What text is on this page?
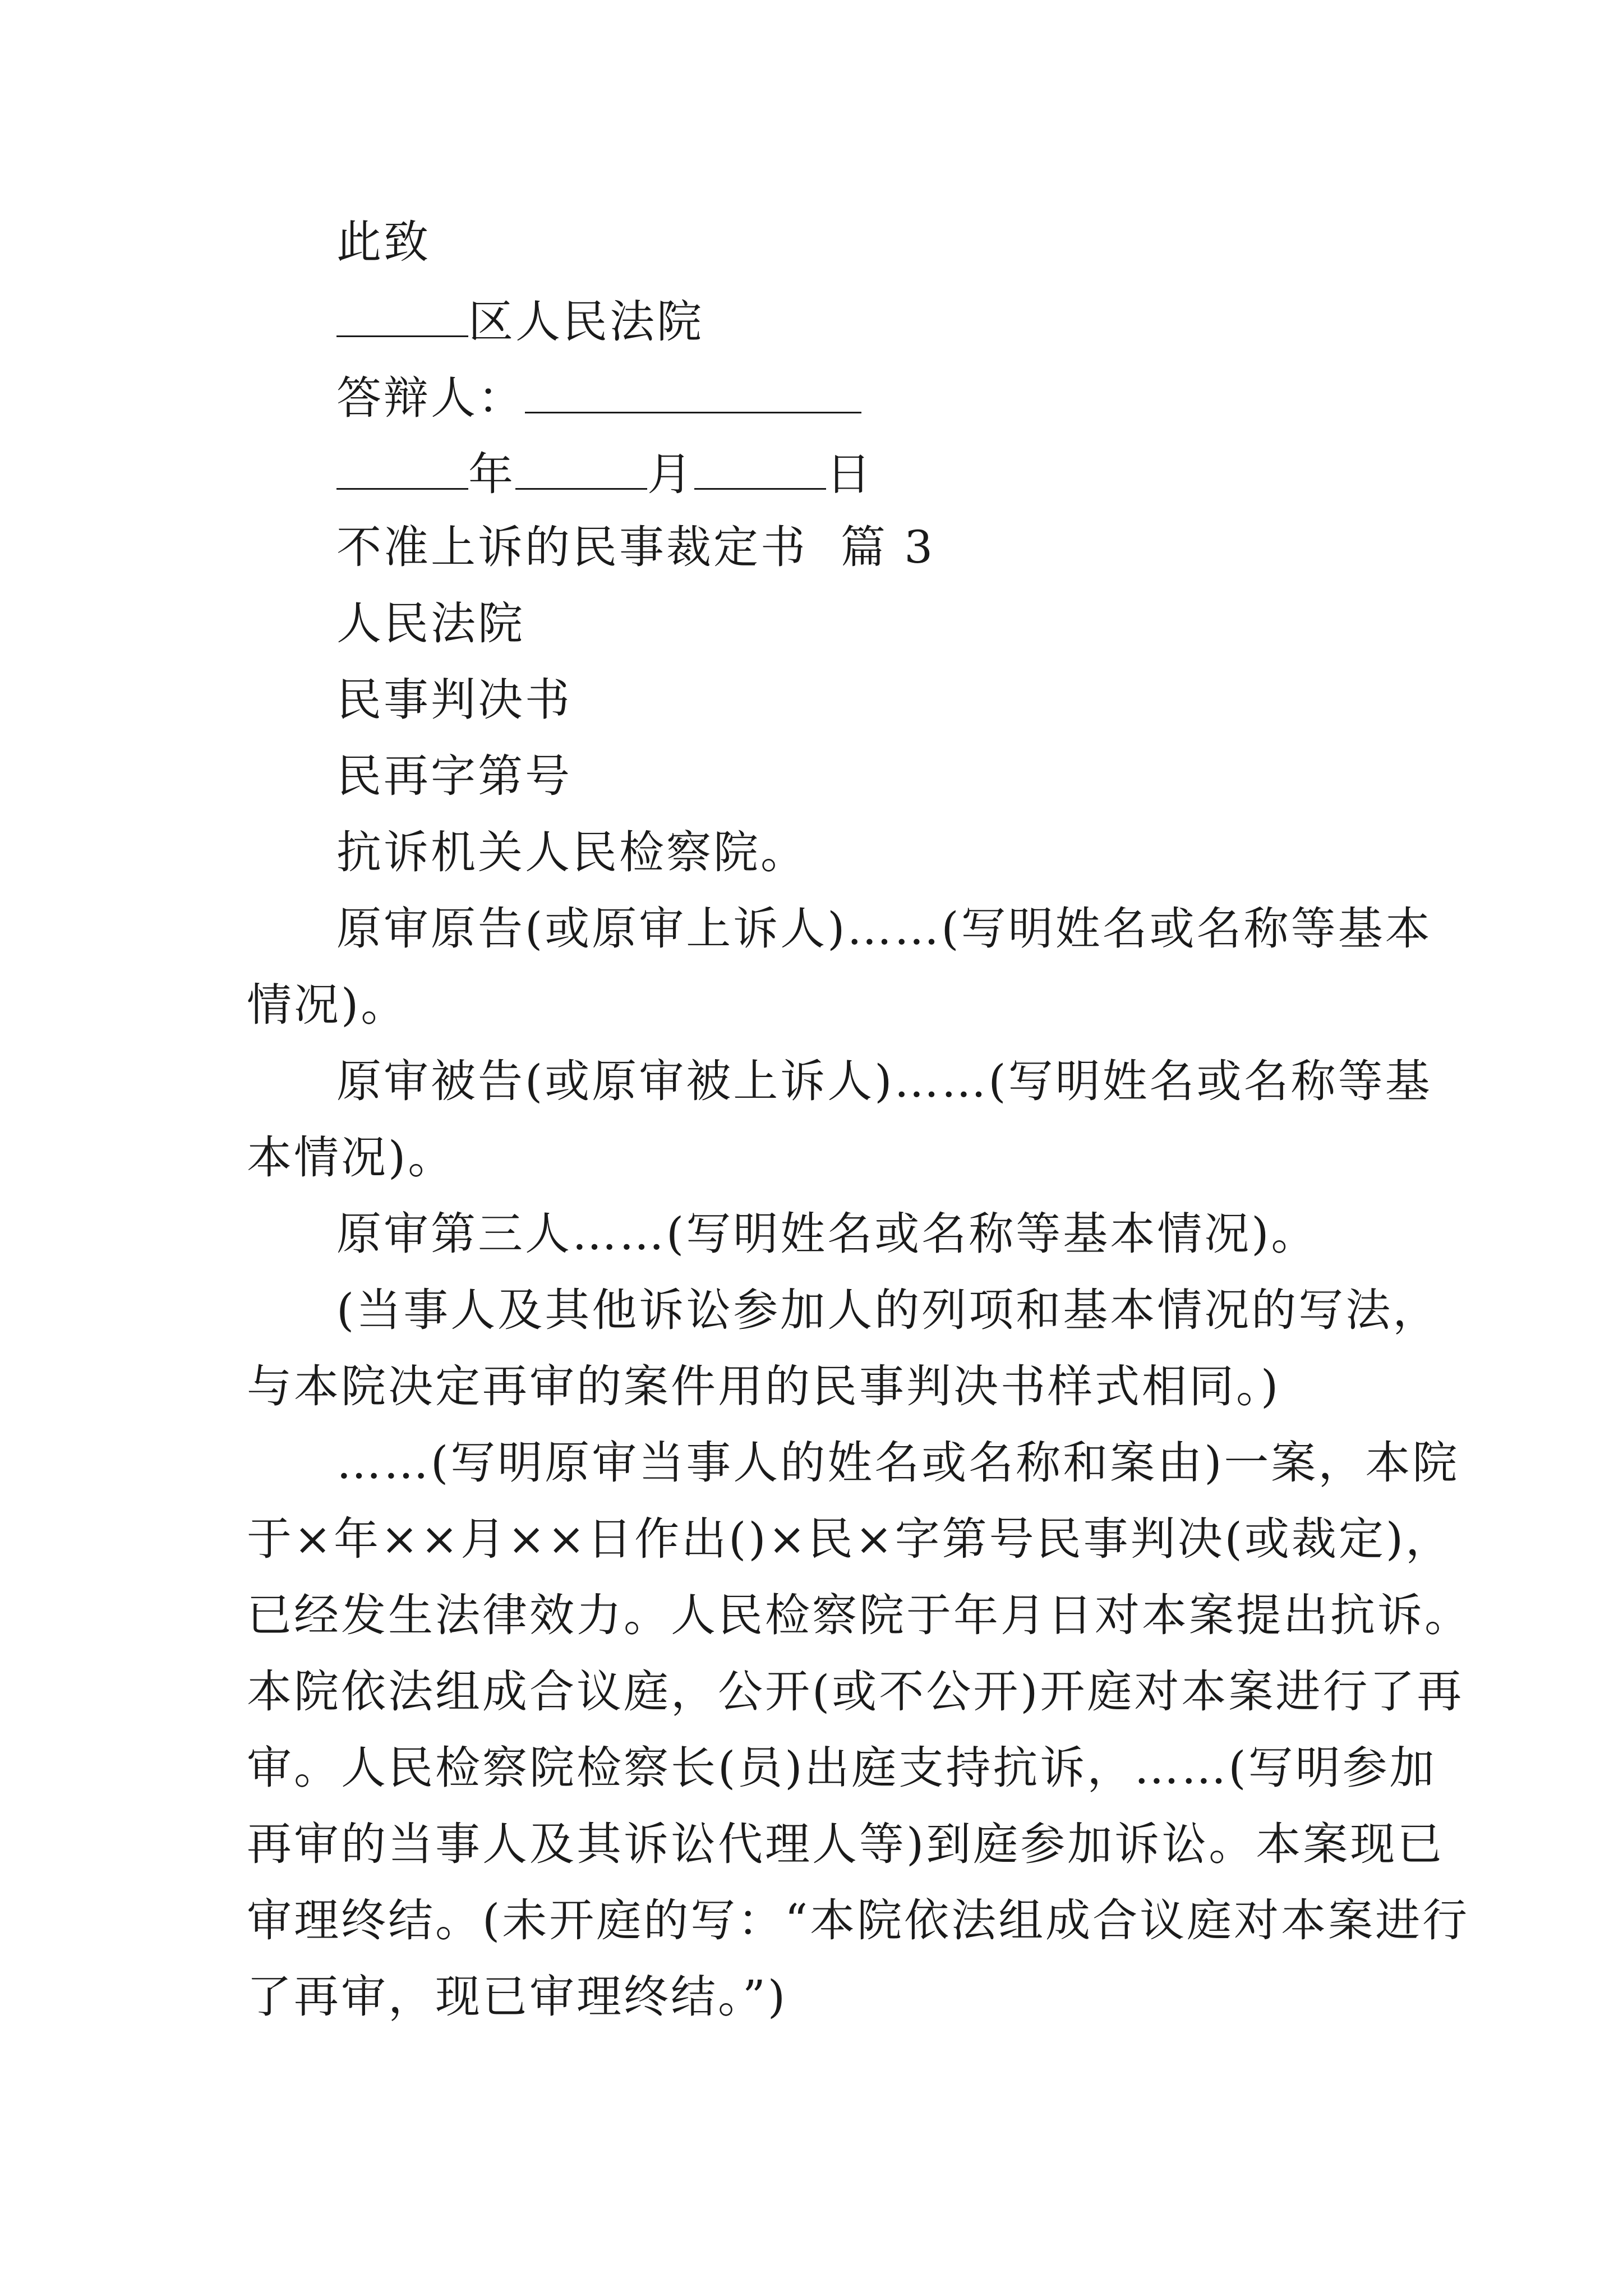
此致
区人民法院
答辩人：
年	月	日
不准上诉的民事裁定书  篇 3
人民法院
民事判决书
民再字第号
抗诉机关人民检察院。
原审原告(或原审上诉人)……(写明姓名或名称等基本
情况)。
原审被告(或原审被上诉人)……(写明姓名或名称等基
本情况)。
原审第三人……(写明姓名或名称等基本情况)。
(当事人及其他诉讼参加人的列项和基本情况的写法，
与本院决定再审的案件用的民事判决书样式相同。)
……(写明原审当事人的姓名或名称和案由)一案，本院
于×年××月××日作出()×民×字第号民事判决(或裁定)，
已经发生法律效力。人民检察院于年月日对本案提出抗诉。
本院依法组成合议庭，公开(或不公开)开庭对本案进行了再
审。人民检察院检察长(员)出庭支持抗诉，……(写明参加
再审的当事人及其诉讼代理人等)到庭参加诉讼。本案现已
审理终结。(未开庭的写：“本院依法组成合议庭对本案进行
了再审，现已审理终结。”)
